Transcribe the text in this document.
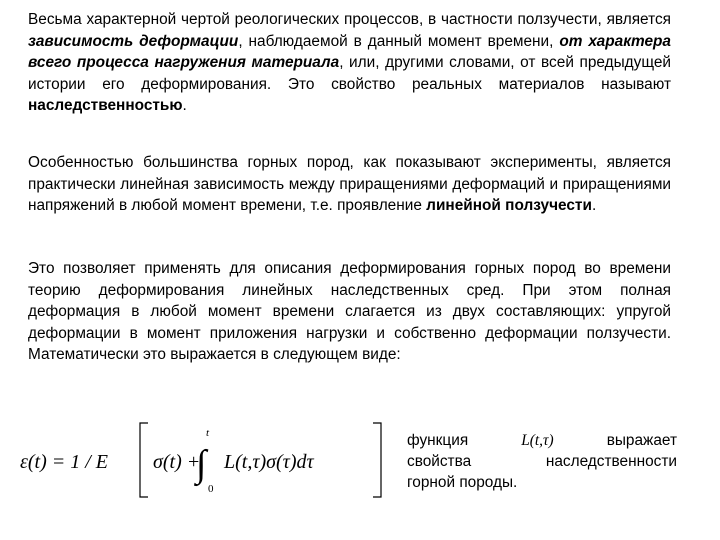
Весьма характерной чертой реологических процессов, в частности ползучести, является зависимость деформации, наблюдаемой в данный момент времени, от характера всего процесса нагружения материала, или, другими словами, от всей предыдущей истории его деформирования. Это свойство реальных материалов называют наследственностью.
Особенностью большинства горных пород, как показывают эксперименты, является практически линейная зависимость между приращениями деформаций и приращениями напряжений в любой момент времени, т.е. проявление линейной ползучести.
Это позволяет применять для описания деформирования горных пород во времени теорию деформирования линейных наследственных сред. При этом полная деформация в любой момент времени слагается из двух составляющих: упругой деформации в момент приложения нагрузки и собственно деформации ползучести. Математически это выражается в следующем виде:
ε(t) = 1 / E σ(t) +
t
∫
0
L(t,τ)σ(τ)dτ
функция	L(t,τ)	выражает
свойства	наследственности
горной породы.
